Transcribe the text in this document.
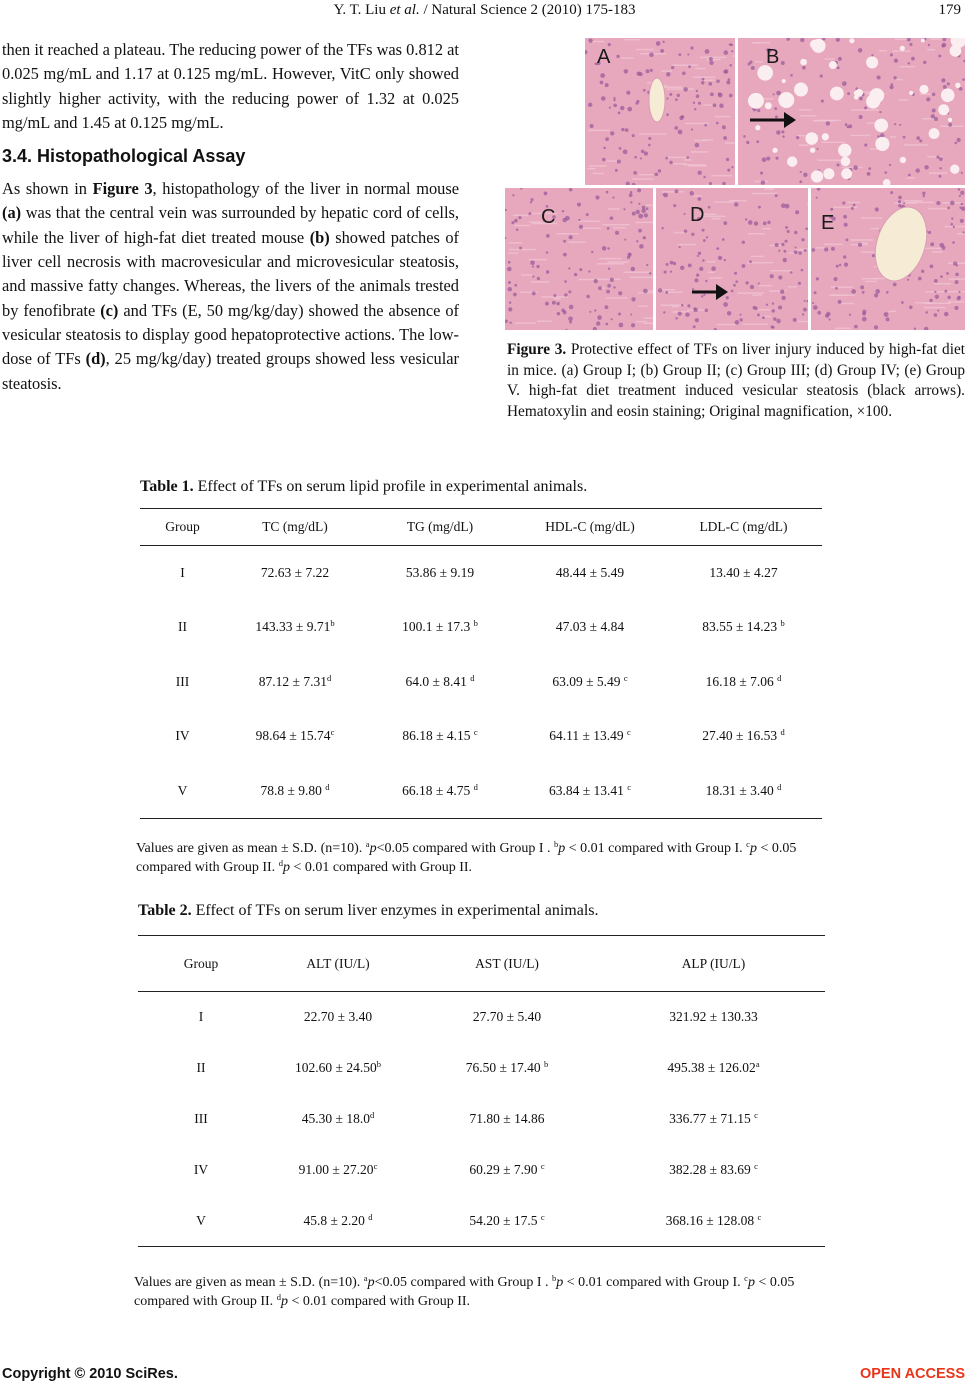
Y. T. Liu et al. / Natural Science 2 (2010) 175-183	179

then it reached a plateau. The reducing power of the TFs was 0.812 at 0.025 mg/mL and 1.17 at 0.125 mg/mL. However, VitC only showed slightly higher activity, with the reducing power of 1.32 at 0.025 mg/mL and 1.45 at 0.125 mg/mL.

3.4. Histopathological Assay

As shown in Figure 3, histopathology of the liver in normal mouse (a) was that the central vein was surrounded by hepatic cord of cells, while the liver of high-fat diet treated mouse (b) showed patches of liver cell necrosis with macrovesicular and microvesicular steatosis, and massive fatty changes. Whereas, the livers of the animals trested by fenofibrate (c) and TFs (E, 50 mg/kg/day) showed the absence of vesicular steatosis to display good hepatoprotective actions. The low-dose of TFs (d), 25 mg/kg/day) treated groups showed less vesicular steatosis.

A	B
C	D	E
Figure 3. Protective effect of TFs on liver injury induced by high-fat diet in mice. (a) Group I; (b) Group II; (c) Group III; (d) Group IV; (e) Group V. high-fat diet treatment induced vesicular steatosis (black arrows). Hematoxylin and eosin staining; Original magnification, ×100.
Table 1. Effect of TFs on serum lipid profile in experimental animals.
Group	TC (mg/dL)	TG (mg/dL)	HDL-C (mg/dL)	LDL-C (mg/dL)
I	72.63 ± 7.22	53.86 ± 9.19	48.44 ± 5.49	13.40 ± 4.27
II	143.33 ± 9.71$^b$	100.1 ± 17.3 $^b$	47.03 ± 4.84	83.55 ± 14.23 $^b$
III	87.12 ± 7.31$^d$	64.0 ± 8.41 $^d$	63.09 ± 5.49 $^c$	16.18 ± 7.06 $^d$
IV	98.64 ± 15.74$^c$	86.18 ± 4.15 $^c$	64.11 ± 13.49 $^c$	27.40 ± 16.53 $^d$
V	78.8 ± 9.80 $^d$	66.18 ± 4.75 $^d$	63.84 ± 13.41 $^c$	18.31 ± 3.40 $^d$
Values are given as mean ± S.D. (n=10). $^a$p<0.05 compared with Group I . $^b$p < 0.01 compared with Group I. $^c$p < 0.05 compared with Group II. $^d$p < 0.01 compared with Group II.
Table 2. Effect of TFs on serum liver enzymes in experimental animals.
Group	ALT (IU/L)	AST (IU/L)	ALP (IU/L)
I	22.70 ± 3.40	27.70 ± 5.40	321.92 ± 130.33
II	102.60 ± 24.50$^b$	76.50 ± 17.40 $^b$	495.38 ± 126.02$^a$
III	45.30 ± 18.0$^d$	71.80 ± 14.86	336.77 ± 71.15 $^c$
IV	91.00 ± 27.20$^c$	60.29 ± 7.90 $^c$	382.28 ± 83.69 $^c$
V	45.8 ± 2.20 $^d$	54.20 ± 17.5 $^c$	368.16 ± 128.08 $^c$
Values are given as mean ± S.D. (n=10). $^a$p<0.05 compared with Group I . $^b$p < 0.01 compared with Group I. $^c$p < 0.05 compared with Group II. $^d$p < 0.01 compared with Group II.
Copyright © 2010 SciRes.	OPEN ACCESS
